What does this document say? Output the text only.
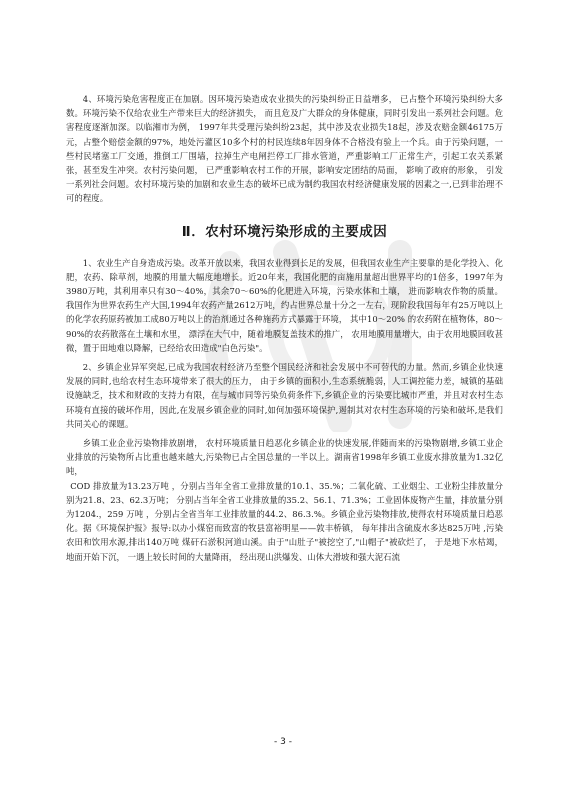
4、环境污染危害程度正在加剧。因环境污染造成农业损失的污染纠纷正日益增多， 已占整个环境污染纠纷大多数。环境污染不仅给农业生产带来巨大的经济损失， 而且危及广大群众的身体健康，同时引发出一系列社会问题。危害程度逐渐加深。以临湘市为例， 1997年共受理污染纠纷23起，其中涉及农业损失18起，涉及农赔金额46175万元，占整个赔偿金额的97%，地处污灌区10多个村的村民连续8年因身体不合格没有验上一个兵。由于污染问题，一些村民堵塞工厂交通，推倒工厂围墙，拉掉生产电闸拦停工厂排水管道，严重影响工厂正常生产，引起工农关系紧张，甚至发生冲突。农村污染问题， 已严重影响农村工作的开展，影响安定团结的局面， 影响了政府的形象， 引发一系列社会问题。农村环境污染的加剧和农业生态的破坏已成为制约我国农村经济健康发展的因素之一,已到非治理不可的程度。

Ⅱ．农村环境污染形成的主要成因

1、农业生产自身造成污染。改革开放以来，我国农业得到长足的发展，但我国农业生产主要靠的是化学投入、化肥，农药、除草剂，地膜的用量大幅度地增长。近20年来，我国化肥的亩施用量超出世界平均的1倍多，1997年为3980万吨，其利用率只有30～40%，其余70～60%的化肥进入环境，污染水体和土壤， 进而影响农作物的质量。我国作为世界农药生产大国,1994年农药产量2612万吨，约占世界总量十分之一左右，现阶段我国每年有25万吨以上的化学农药原药被加工成80万吨以上的治剂通过各种施药方式暴露于环境， 其中10～20% 的农药附在植物体，80～90%的农药散落在土壤和水里， 漂浮在大气中，随着地膜复盖技术的推广， 农用地膜用量增大，由于农用地膜回收甚微，置于田地难以降解，已经给农田造成"白色污染"。

2、乡镇企业异军突起,已成为我国农村经济乃至整个国民经济和社会发展中不可替代的力量。然而,乡镇企业快速发展的同时,也给农村生态环境带来了很大的压力， 由于乡镇的面积小,生态系统脆弱，人工调控能力差，城镇的基础设施缺乏，技术和财政的支持力有限，在与城市同等污染负荷条件下,乡镇企业的污染要比城市严重，并且对农村生态环境有直接的破坏作用，因此,在发展乡镇企业的同时,如何加强环境保护,遏制其对农村生态环境的污染和破坏,是我们共同关心的课题。

乡镇工业企业污染物排放剧增， 农村环境质量日趋恶化乡镇企业的快速发展,伴随而来的污染物剧增,乡镇工业企业排放的污染物所占比重也越来越大,污染物已占全国总量的一半以上。湖南省1998年乡镇工业废水排放量为1.32亿吨，

COD 排放量为13.23万吨 ，分别占当年全省工业排放量的10.1、35.%；二氧化硫、工业烟尘、工业粉尘排放量分别为21.8、23、62.3万吨； 分别占当年全省工业排放量的35.2、56.1、71.3%；工业固体废物产生量，排放量分别为1204.，259 万吨 ，分别占全省当年工业排放量的44.2、86.3.%。乡镇企业污染物排放,使得农村环境质量日趋恶化。据《环境保护报》报导:以办小煤窑而致富的牧县富裕明星——敦丰桥镇， 每年排出含硫废水多达825万吨 ,污染农田和饮用水源,排出140万吨 煤矸石淤积河道山溪。由于"山肚子"被挖空了,"山帽子"被砍烂了， 于是地下水枯竭，地面开始下沉， 一遇上较长时间的大量降雨， 经出现山洪爆发、山体大滑坡和强大泥石流

- 3 -
